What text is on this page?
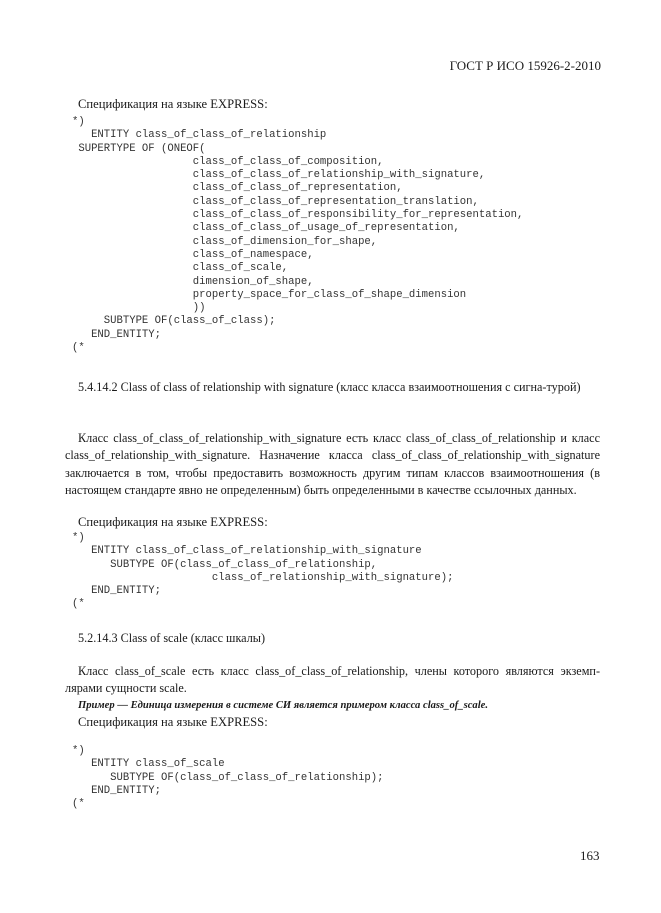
ГОСТ Р ИСО 15926-2-2010
Спецификация на языке EXPRESS:
*)
ENTITY class_of_class_of_relationship
SUPERTYPE OF (ONEOF(
class_of_class_of_composition,
class_of_class_of_relationship_with_signature,
class_of_class_of_representation,
class_of_class_of_representation_translation,
class_of_class_of_responsibility_for_representation,
class_of_class_of_usage_of_representation,
class_of_dimension_for_shape,
class_of_namespace,
class_of_scale,
dimension_of_shape,
property_space_for_class_of_shape_dimension
))
SUBTYPE OF(class_of_class);
END_ENTITY;
(*
5.4.14.2 Class of class of relationship with signature (класс класса взаимоотношения с сигна-турой)
Класс class_of_class_of_relationship_with_signature есть класс class_of_class_of_relationship и класс class_of_relationship_with_signature. Назначение класса class_of_class_of_relationship_with_signature заключается в том, чтобы предоставить возможность другим типам классов взаимоотношения (в настоящем стандарте явно не определенным) быть определенными в качестве ссылочных данных.
Спецификация на языке EXPRESS:
*)
ENTITY class_of_class_of_relationship_with_signature
SUBTYPE OF(class_of_class_of_relationship,
class_of_relationship_with_signature);
END_ENTITY;
(*
5.2.14.3 Class of scale (класс шкалы)
Класс class_of_scale есть класс class_of_class_of_relationship, члены которого являются экземп-лярами сущности scale.
Пример — Единица измерения в системе СИ является примером класса class_of_scale.
Спецификация на языке EXPRESS:
*)
ENTITY class_of_scale
SUBTYPE OF(class_of_class_of_relationship);
END_ENTITY;
(*
163
